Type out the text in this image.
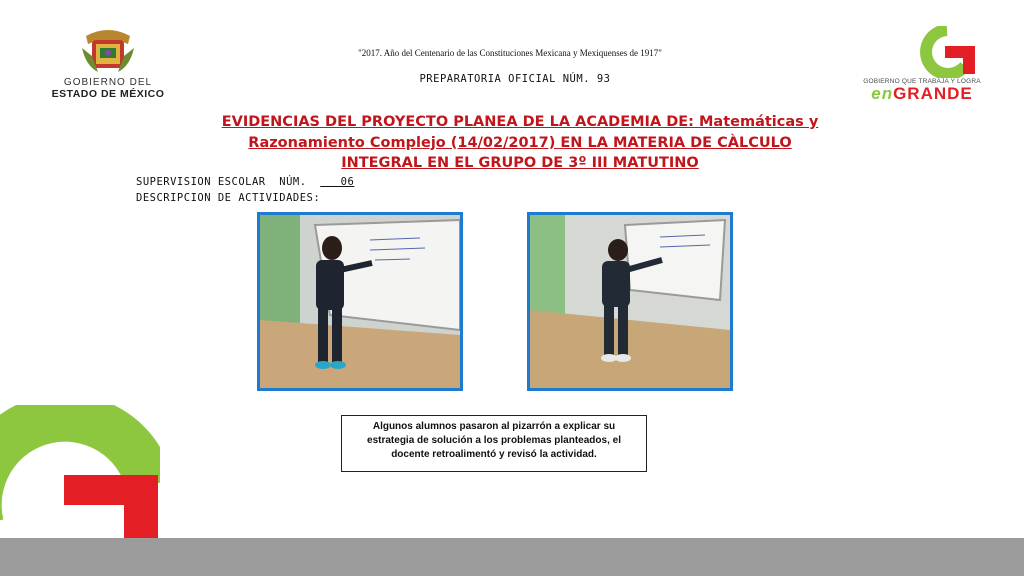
GOBIERNO DEL
ESTADO DE MÉXICO
GOBIERNO QUE TRABAJA Y LOGRA
enGRANDE
"2017. Año del Centenario de las Constituciones Mexicana y Mexiquenses de 1917"
PREPARATORIA OFICIAL NÚM. 93
EVIDENCIAS DEL PROYECTO PLANEA DE LA ACADEMIA DE: Matemáticas y Razonamiento Complejo (14/02/2017) EN LA MATERIA DE CÀLCULO INTEGRAL EN EL GRUPO DE 3º III MATUTINO
SUPERVISION ESCOLAR  NÚM.     06
DESCRIPCION DE ACTIVIDADES:
Algunos alumnos pasaron al pizarrón a explicar su estrategia de solución a los problemas planteados, el docente retroalimentó y revisó la actividad.
